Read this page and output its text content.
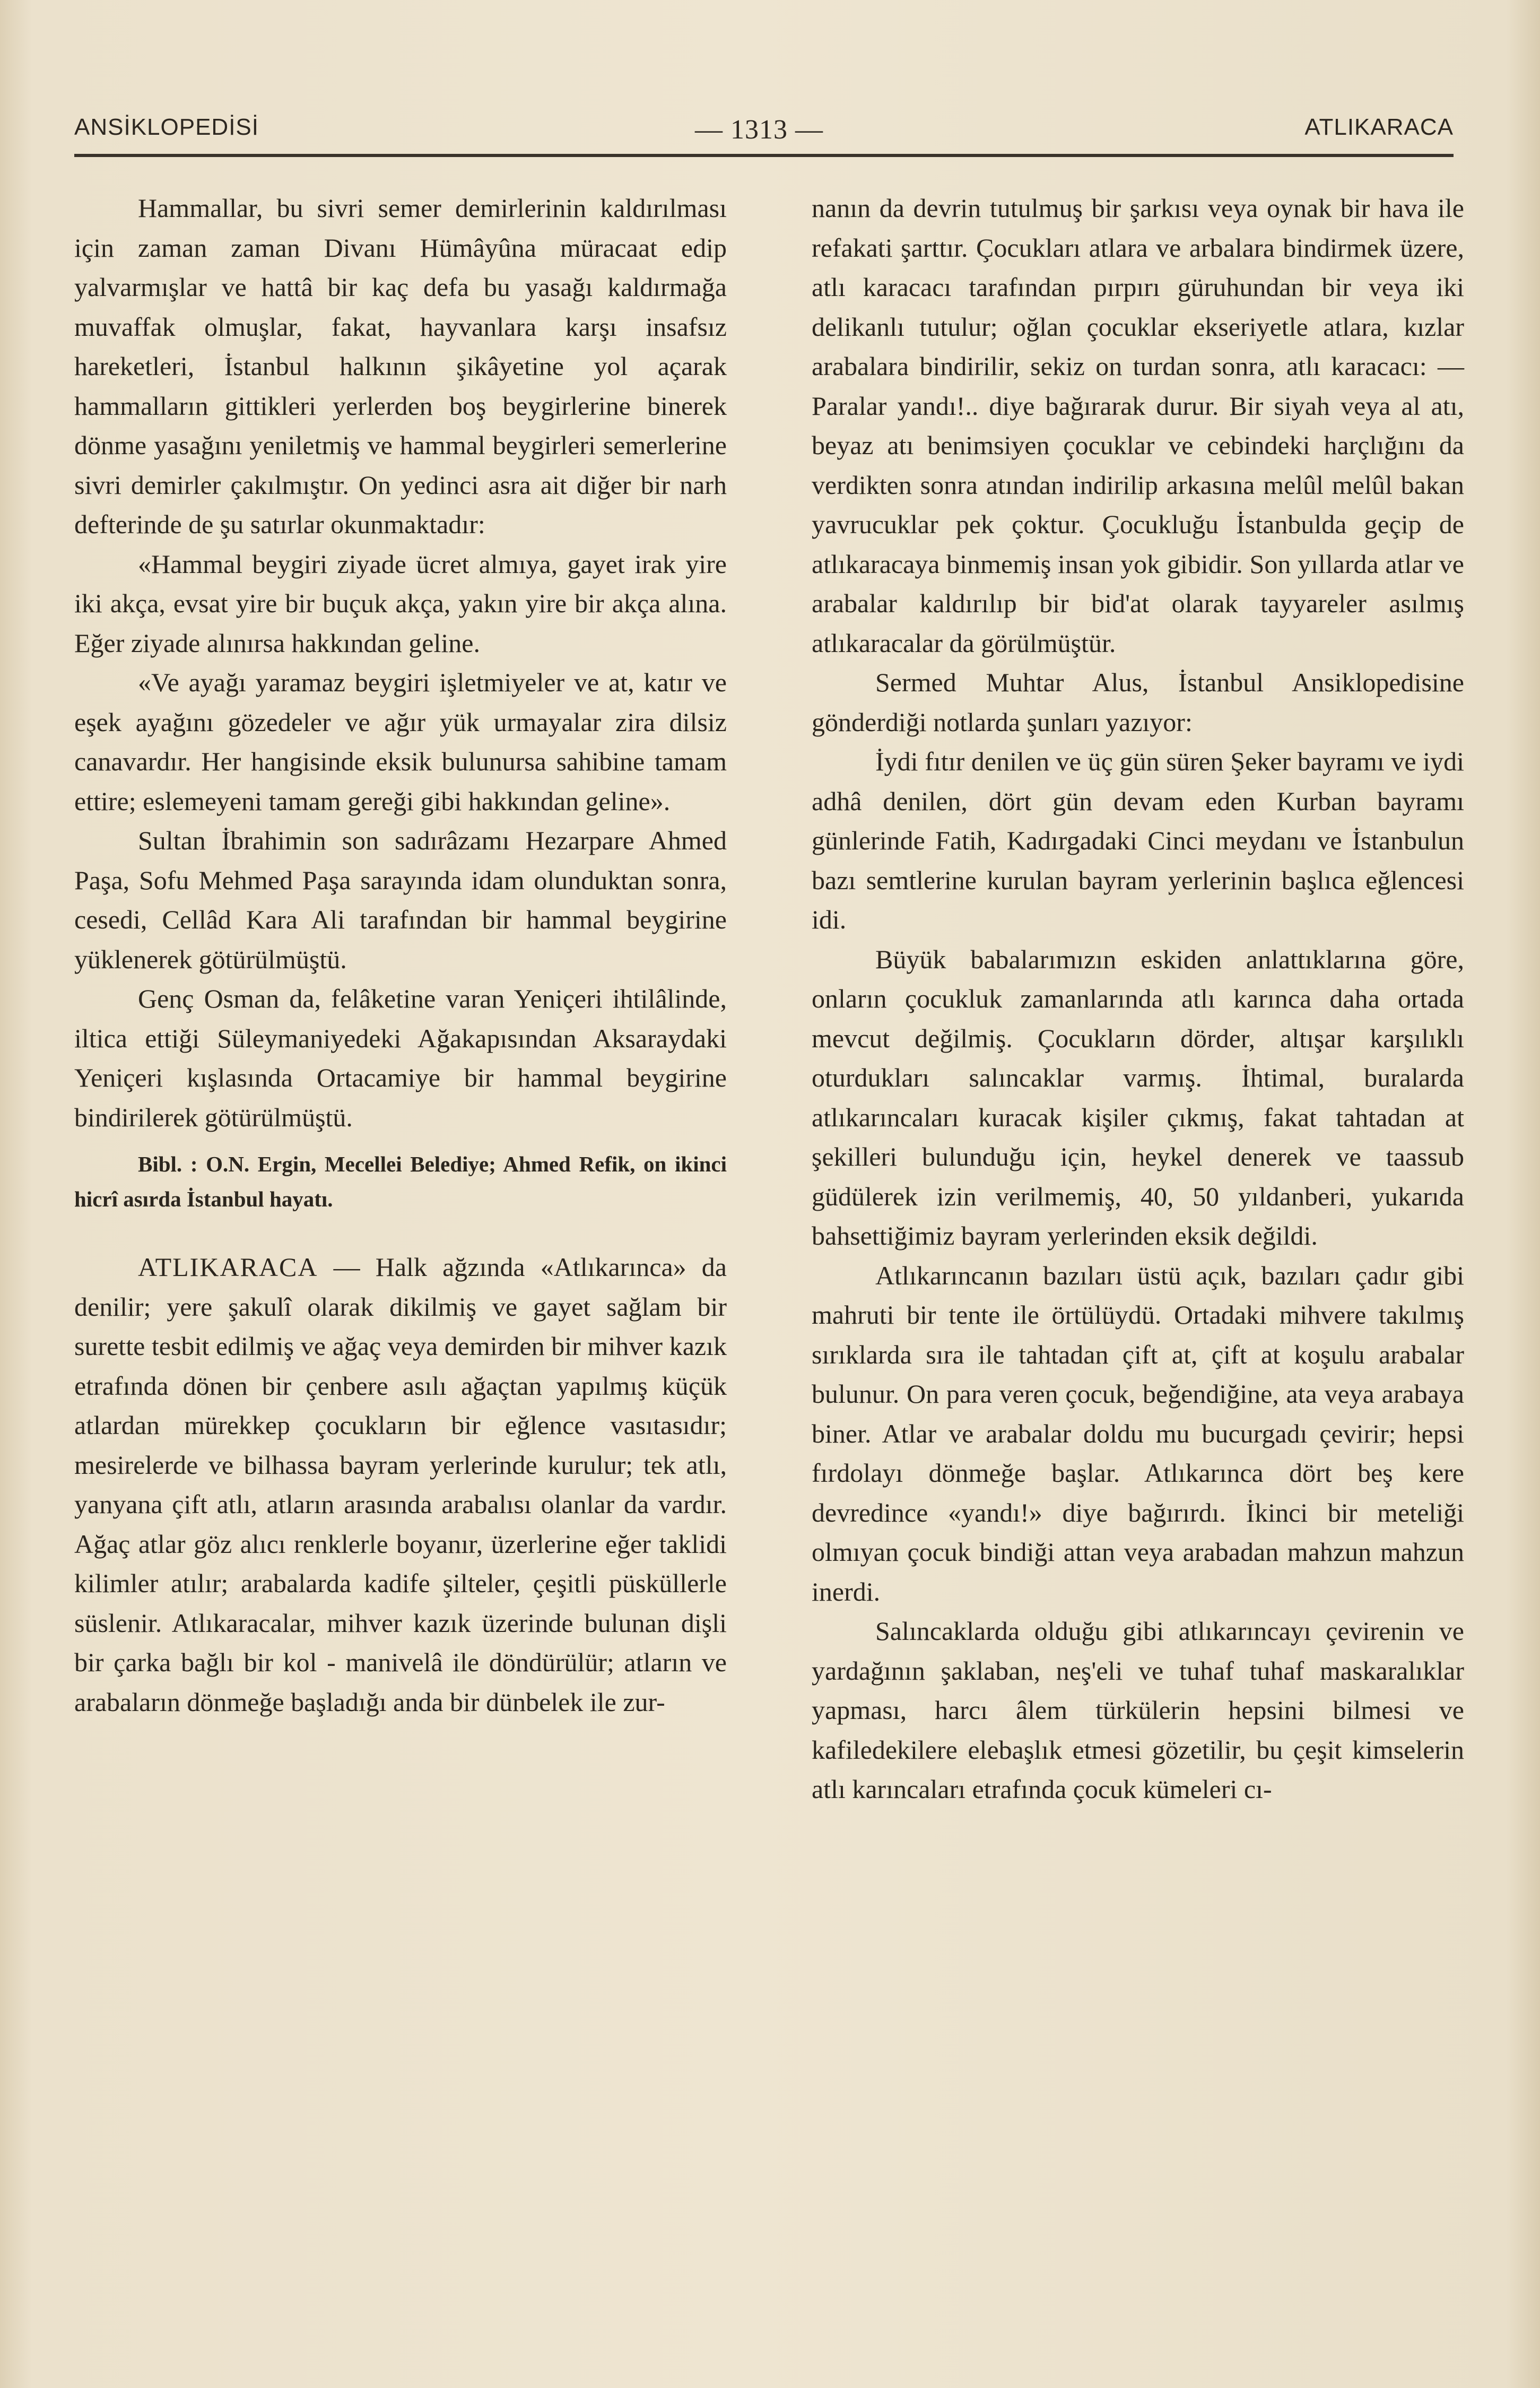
ANSİKLOPEDİSİ	— 1313 —	ATLIKARACA

Hammallar, bu sivri semer demirlerinin kaldırılması için zaman zaman Divanı Hümâyûna müracaat edip yalvarmışlar ve hattâ bir kaç defa bu yasağı kaldırmağa muvaffak olmuşlar, fakat, hayvanlara karşı insafsız hareketleri, İstanbul halkının şikâyetine yol açarak hammalların gittikleri yerlerden boş beygirlerine binerek dönme yasağını yeniletmiş ve hammal beygirleri semerlerine sivri demirler çakılmıştır. On yedinci asra ait diğer bir narh defterinde de şu satırlar okunmaktadır:

«Hammal beygiri ziyade ücret almıya, gayet irak yire iki akça, evsat yire bir buçuk akça, yakın yire bir akça alına. Eğer ziyade alınırsa hakkından geline.

«Ve ayağı yaramaz beygiri işletmiyeler ve at, katır ve eşek ayağını gözedeler ve ağır yük urmayalar zira dilsiz canavardır. Her hangisinde eksik bulunursa sahibine tamam ettire; eslemeyeni tamam gereği gibi hakkından geline».

Sultan İbrahimin son sadırâzamı Hezarpare Ahmed Paşa, Sofu Mehmed Paşa sarayında idam olunduktan sonra, cesedi, Cellâd Kara Ali tarafından bir hammal beygirine yüklenerek götürülmüştü.

Genç Osman da, felâketine varan Yeniçeri ihtilâlinde, iltica ettiği Süleymaniyedeki Ağakapısından Aksaraydaki Yeniçeri kışlasında Ortacamiye bir hammal beygirine bindirilerek götürülmüştü.

Bibl. : O.N. Ergin, Mecellei Belediye; Ahmed Refik, on ikinci hicrî asırda İstanbul hayatı.

ATLIKARACA — Halk ağzında «Atlıkarınca» da denilir; yere şakulî olarak dikilmiş ve gayet sağlam bir surette tesbit edilmiş ve ağaç veya demirden bir mihver kazık etrafında dönen bir çenbere asılı ağaçtan yapılmış küçük atlardan mürekkep çocukların bir eğlence vasıtasıdır; mesirelerde ve bilhassa bayram yerlerinde kurulur; tek atlı, yanyana çift atlı, atların arasında arabalısı olanlar da vardır. Ağaç atlar göz alıcı renklerle boyanır, üzerlerine eğer taklidi kilimler atılır; arabalarda kadife şilteler, çeşitli püsküllerle süslenir. Atlıkaracalar, mihver kazık üzerinde bulunan dişli bir çarka bağlı bir kol - manivelâ ile döndürülür; atların ve arabaların dönmeğe başladığı anda bir dünbelek ile zur-

nanın da devrin tutulmuş bir şarkısı veya oynak bir hava ile refakati şarttır. Çocukları atlara ve arbalara bindirmek üzere, atlı karacacı tarafından pırpırı güruhundan bir veya iki delikanlı tutulur; oğlan çocuklar ekseriyetle atlara, kızlar arabalara bindirilir, sekiz on turdan sonra, atlı karacacı: — Paralar yandı!.. diye bağırarak durur. Bir siyah veya al atı, beyaz atı benimsiyen çocuklar ve cebindeki harçlığını da verdikten sonra atından indirilip arkasına melûl melûl bakan yavrucuklar pek çoktur. Çocukluğu İstanbulda geçip de atlıkaracaya binmemiş insan yok gibidir. Son yıllarda atlar ve arabalar kaldırılıp bir bid'at olarak tayyareler asılmış atlıkaracalar da görülmüştür.

Sermed Muhtar Alus, İstanbul Ansiklopedisine gönderdiği notlarda şunları yazıyor:

İydi fıtır denilen ve üç gün süren Şeker bayramı ve iydi adhâ denilen, dört gün devam eden Kurban bayramı günlerinde Fatih, Kadırgadaki Cinci meydanı ve İstanbulun bazı semtlerine kurulan bayram yerlerinin başlıca eğlencesi idi.

Büyük babalarımızın eskiden anlattıklarına göre, onların çocukluk zamanlarında atlı karınca daha ortada mevcut değilmiş. Çocukların dörder, altışar karşılıklı oturdukları salıncaklar varmış. İhtimal, buralarda atlıkarıncaları kuracak kişiler çıkmış, fakat tahtadan at şekilleri bulunduğu için, heykel denerek ve taassub güdülerek izin verilmemiş, 40, 50 yıldanberi, yukarıda bahsettiğimiz bayram yerlerinden eksik değildi.

Atlıkarıncanın bazıları üstü açık, bazıları çadır gibi mahruti bir tente ile örtülüydü. Ortadaki mihvere takılmış sırıklarda sıra ile tahtadan çift at, çift at koşulu arabalar bulunur. On para veren çocuk, beğendiğine, ata veya arabaya biner. Atlar ve arabalar doldu mu bucurgadı çevirir; hepsi fırdolayı dönmeğe başlar. Atlıkarınca dört beş kere devredince «yandı!» diye bağırırdı. İkinci bir meteliği olmıyan çocuk bindiği attan veya arabadan mahzun mahzun inerdi.

Salıncaklarda olduğu gibi atlıkarıncayı çevirenin ve yardağının şaklaban, neş'eli ve tuhaf tuhaf maskaralıklar yapması, harcı âlem türkülerin hepsini bilmesi ve kafiledekilere elebaşlık etmesi gözetilir, bu çeşit kimselerin atlı karıncaları etrafında çocuk kümeleri cı-
